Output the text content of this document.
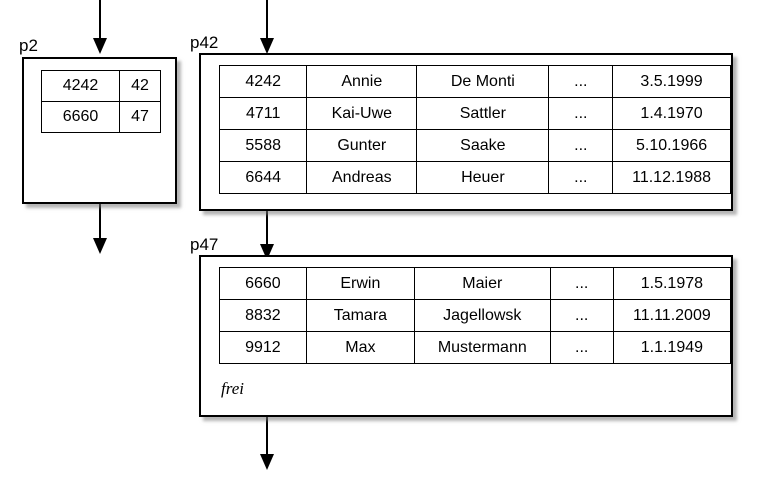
p2
4242	42
6660	47
p42
4242	Annie	De Monti	...	3.5.1999
4711	Kai-Uwe	Sattler	...	1.4.1970
5588	Gunter	Saake	...	5.10.1966
6644	Andreas	Heuer	...	11.12.1988
p47
6660	Erwin	Maier	...	1.5.1978
8832	Tamara	Jagellowsk	...	11.11.2009
9912	Max	Mustermann	...	1.1.1949
frei
